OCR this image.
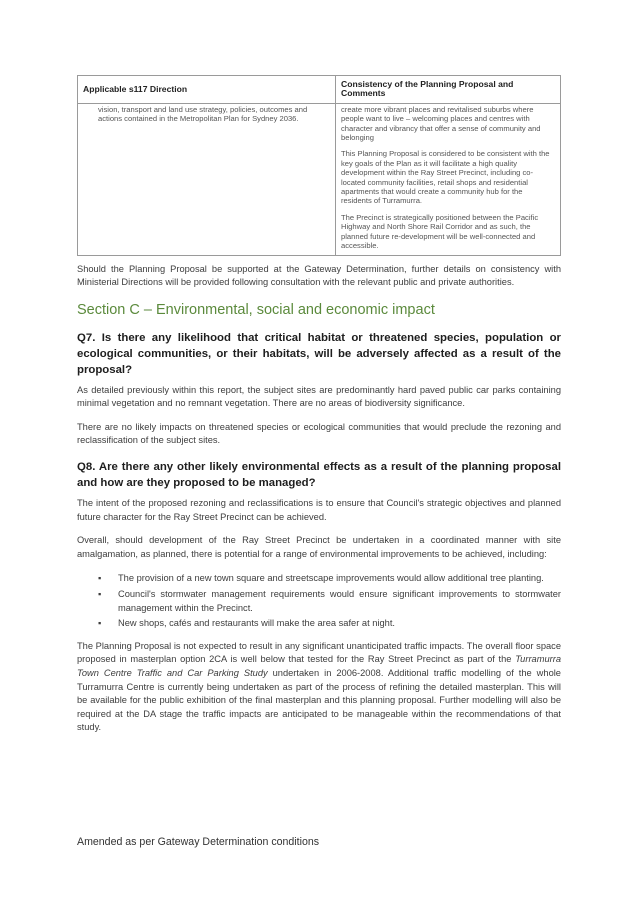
Applicable s117 Direction	Consistency of the Planning Proposal and Comments
vision, transport and land use strategy, policies, outcomes and actions contained in the Metropolitan Plan for Sydney 2036.	create more vibrant places and revitalised suburbs where people want to live – welcoming places and centres with character and vibrancy that offer a sense of community and belonging

This Planning Proposal is considered to be consistent with the key goals of the Plan as it will facilitate a high quality development within the Ray Street Precinct, including co-located community facilities, retail shops and residential apartments that would create a community hub for the residents of Turramurra.

The Precinct is strategically positioned between the Pacific Highway and North Shore Rail Corridor and as such, the planned future re-development will be well-connected and accessible.

Should the Planning Proposal be supported at the Gateway Determination, further details on consistency with Ministerial Directions will be provided following consultation with the relevant public and private authorities.

Section C – Environmental, social and economic impact
Q7. Is there any likelihood that critical habitat or threatened species, population or ecological communities, or their habitats, will be adversely affected as a result of the proposal?

As detailed previously within this report, the subject sites are predominantly hard paved public car parks containing minimal vegetation and no remnant vegetation. There are no areas of biodiversity significance.

There are no likely impacts on threatened species or ecological communities that would preclude the rezoning and reclassification of the subject sites.

Q8. Are there any other likely environmental effects as a result of the planning proposal and how are they proposed to be managed?

The intent of the proposed rezoning and reclassifications is to ensure that Council's strategic objectives and planned future character for the Ray Street Precinct can be achieved.

Overall, should development of the Ray Street Precinct be undertaken in a coordinated manner with site amalgamation, as planned, there is potential for a range of environmental improvements to be achieved, including:

▪ The provision of a new town square and streetscape improvements would allow additional tree planting.
▪ Council's stormwater management requirements would ensure significant improvements to stormwater management within the Precinct.
▪ New shops, cafés and restaurants will make the area safer at night.

The Planning Proposal is not expected to result in any significant unanticipated traffic impacts. The overall floor space proposed in masterplan option 2CA is well below that tested for the Ray Street Precinct as part of the Turramurra Town Centre Traffic and Car Parking Study undertaken in 2006-2008. Additional traffic modelling of the whole Turramurra Centre is currently being undertaken as part of the process of refining the detailed masterplan. This will be available for the public exhibition of the final masterplan and this planning proposal. Further modelling will also be required at the DA stage the traffic impacts are anticipated to be manageable within the recommendations of that study.

Amended as per Gateway Determination conditions
